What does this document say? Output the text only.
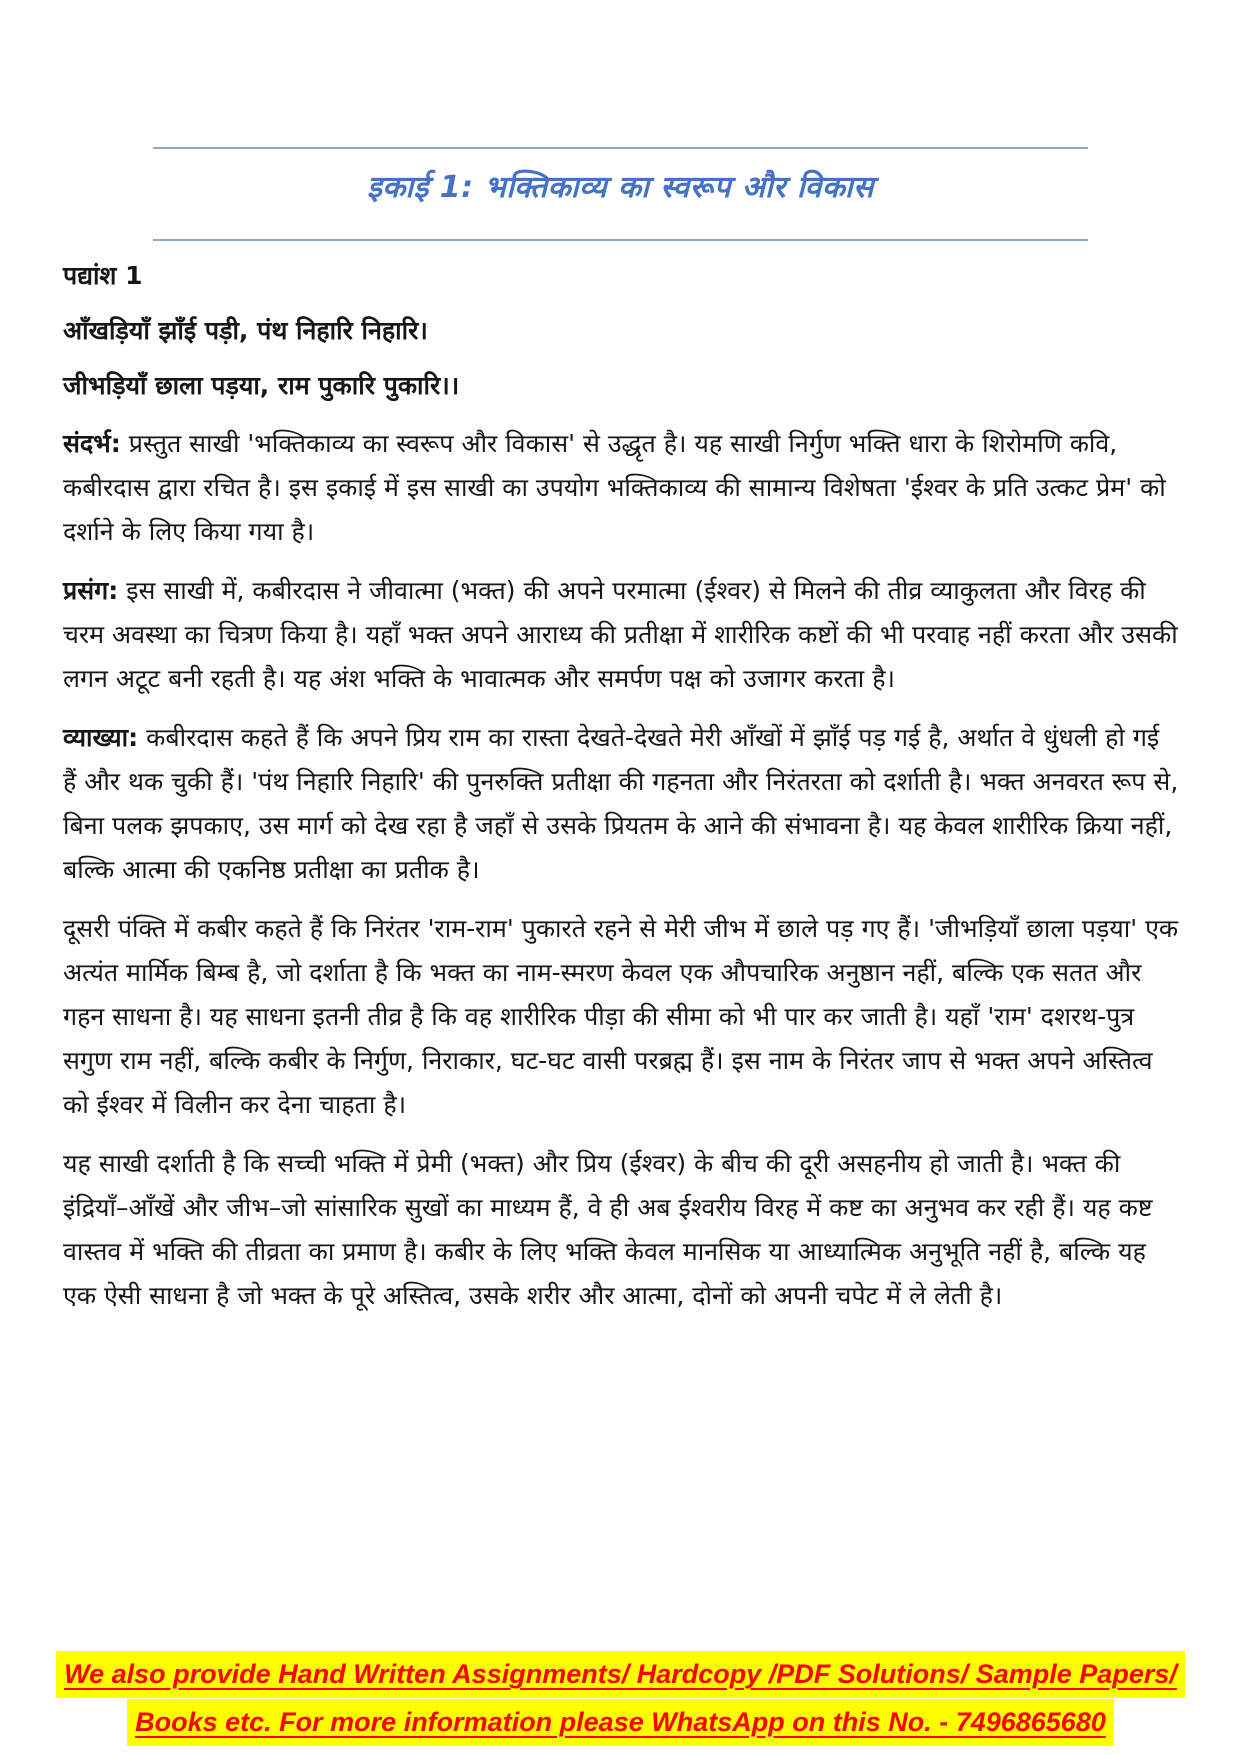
इकाई 1: भक्तिकाव्य का स्वरूप और विकास

पद्यांश 1

आँखड़ियाँ झाँई पड़ी, पंथ निहारि निहारि।

जीभड़ियाँ छाला पड़या, राम पुकारि पुकारि।।

संदर्भ: प्रस्तुत साखी 'भक्तिकाव्य का स्वरूप और विकास' से उद्धृत है। यह साखी निर्गुण भक्ति धारा के शिरोमणि कवि, कबीरदास द्वारा रचित है। इस इकाई में इस साखी का उपयोग भक्तिकाव्य की सामान्य विशेषता 'ईश्वर के प्रति उत्कट प्रेम' को दर्शाने के लिए किया गया है।

प्रसंग: इस साखी में, कबीरदास ने जीवात्मा (भक्त) की अपने परमात्मा (ईश्वर) से मिलने की तीव्र व्याकुलता और विरह की चरम अवस्था का चित्रण किया है। यहाँ भक्त अपने आराध्य की प्रतीक्षा में शारीरिक कष्टों की भी परवाह नहीं करता और उसकी लगन अटूट बनी रहती है। यह अंश भक्ति के भावात्मक और समर्पण पक्ष को उजागर करता है।

व्याख्या: कबीरदास कहते हैं कि अपने प्रिय राम का रास्ता देखते-देखते मेरी आँखों में झाँई पड़ गई है, अर्थात वे धुंधली हो गई हैं और थक चुकी हैं। 'पंथ निहारि निहारि' की पुनरुक्ति प्रतीक्षा की गहनता और निरंतरता को दर्शाती है। भक्त अनवरत रूप से, बिना पलक झपकाए, उस मार्ग को देख रहा है जहाँ से उसके प्रियतम के आने की संभावना है। यह केवल शारीरिक क्रिया नहीं, बल्कि आत्मा की एकनिष्ठ प्रतीक्षा का प्रतीक है।

दूसरी पंक्ति में कबीर कहते हैं कि निरंतर 'राम-राम' पुकारते रहने से मेरी जीभ में छाले पड़ गए हैं। 'जीभड़ियाँ छाला पड़या' एक अत्यंत मार्मिक बिम्ब है, जो दर्शाता है कि भक्त का नाम-स्मरण केवल एक औपचारिक अनुष्ठान नहीं, बल्कि एक सतत और गहन साधना है। यह साधना इतनी तीव्र है कि वह शारीरिक पीड़ा की सीमा को भी पार कर जाती है। यहाँ 'राम' दशरथ-पुत्र सगुण राम नहीं, बल्कि कबीर के निर्गुण, निराकार, घट-घट वासी परब्रह्म हैं। इस नाम के निरंतर जाप से भक्त अपने अस्तित्व को ईश्वर में विलीन कर देना चाहता है।

यह साखी दर्शाती है कि सच्ची भक्ति में प्रेमी (भक्त) और प्रिय (ईश्वर) के बीच की दूरी असहनीय हो जाती है। भक्त की इंद्रियाँ–आँखें और जीभ–जो सांसारिक सुखों का माध्यम हैं, वे ही अब ईश्वरीय विरह में कष्ट का अनुभव कर रही हैं। यह कष्ट वास्तव में भक्ति की तीव्रता का प्रमाण है। कबीर के लिए भक्ति केवल मानसिक या आध्यात्मिक अनुभूति नहीं है, बल्कि यह एक ऐसी साधना है जो भक्त के पूरे अस्तित्व, उसके शरीर और आत्मा, दोनों को अपनी चपेट में ले लेती है।

We also provide Hand Written Assignments/ Hardcopy /PDF Solutions/ Sample Papers/
Books etc. For more information please WhatsApp on this No. - 7496865680
